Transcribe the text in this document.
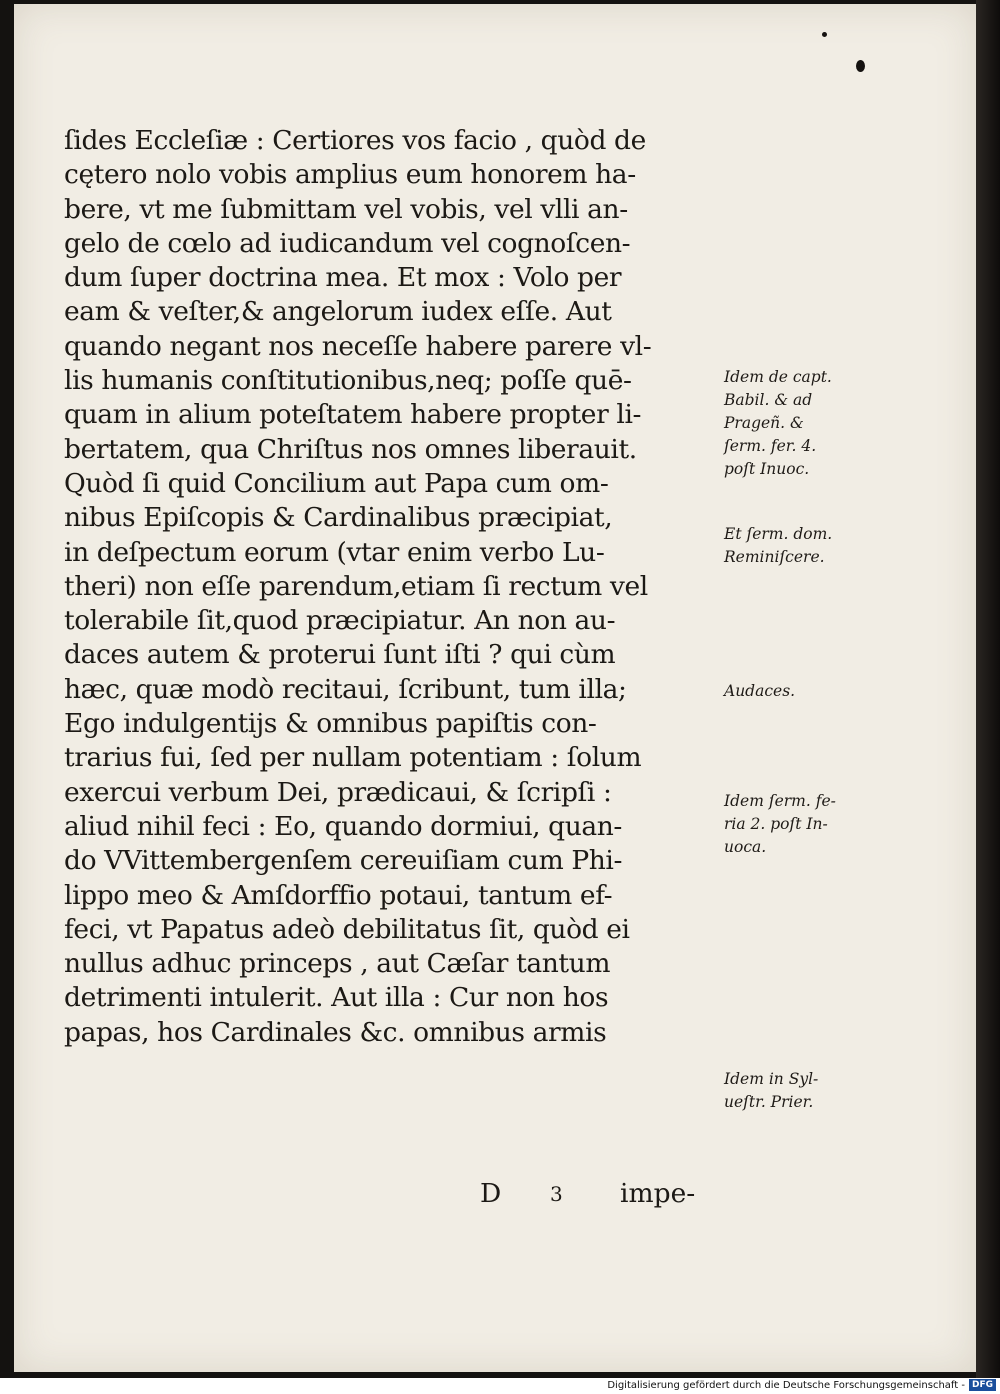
ſides Eccleſiæ : Certiores vos facio , quòd de
cętero nolo vobis amplius eum honorem ha-
bere, vt me ſubmittam vel vobis, vel vlli an-
gelo de cœlo ad iudicandum vel cognoſcen-
dum ſuper doctrina mea. Et mox : Volo per
eam & veſter,& angelorum iudex eſſe. Aut
quando negant nos neceſſe habere parere vl-
lis humanis conſtitutionibus,neq; poſſe quē-
quam in alium poteſtatem habere propter li-
bertatem, qua Chriſtus nos omnes liberauit.
Quòd ſi quid Concilium aut Papa cum om-
nibus Epiſcopis & Cardinalibus præcipiat,
in deſpectum eorum (vtar enim verbo Lu-
theri) non eſſe parendum,etiam ſi rectum vel
tolerabile ſit,quod præcipiatur. An non au-
daces autem & proterui ſunt iſti ? qui cùm
hæc, quæ modò recitaui, ſcribunt, tum illa;
Ego indulgentijs & omnibus papiſtis con-
trarius fui, ſed per nullam potentiam : ſolum
exercui verbum Dei, prædicaui, & ſcripſi :
aliud nihil feci : Eo, quando dormiui, quan-
do VVittembergenſem cereuiſiam cum Phi-
lippo meo & Amſdorffio potaui, tantum ef-
feci, vt Papatus adeò debilitatus ſit, quòd ei
nullus adhuc princeps , aut Cæſar tantum
detrimenti intulerit. Aut illa : Cur non hos
papas, hos Cardinales &c. omnibus armis
Idem de capt.
Babil. & ad
Prageñ. &
ſerm. fer. 4.
poſt Inuoc.
Et ſerm. dom.
Reminiſcere.
Audaces.
Idem ſerm. fe-
ria 2. poſt In-
uoca.
Idem in Syl-
ueſtr. Prier.
D 3 impe-
Digitalisierung gefördert durch die Deutsche Forschungsgemeinschaft - DFG
